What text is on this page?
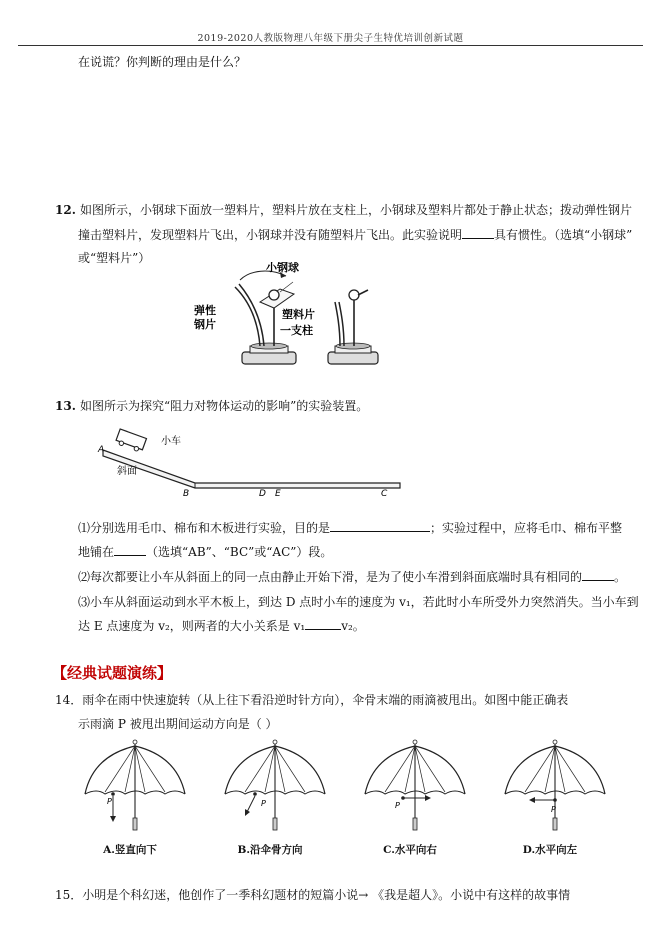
2019-2020人教版物理八年级下册尖子生特优培训创新试题
在说谎？你判断的理由是什么？
12. 如图所示，小钢球下面放一塑料片，塑料片放在支柱上，小钢球及塑料片都处于静止状态；拨动弹性钢片
撞击塑料片，发现塑料片飞出，小钢球并没有随塑料片飞出。此实验说明	具有惯性。（选填“小钢球”
或“塑料片”）
小钢球
弹性
钢片
塑料片
一支柱
13. 如图所示为探究“阻力对物体运动的影响”的实验装置。
A
小车
斜面
B	D E	C
⑴分别选用毛巾、棉布和木板进行实验，目的是	；实验过程中，应将毛巾、棉布平整
地铺在	（选填“AB”、“BC”或“AC”）段。
⑵每次都要让小车从斜面上的同一点由静止开始下滑，是为了使小车滑到斜面底端时具有相同的	。
⑶小车从斜面运动到水平木板上，到达 D 点时小车的速度为 v₁，若此时小车所受外力突然消失。当小车到
达 E 点速度为 v₂，则两者的大小关系是 v₁	v₂。
【经典试题演练】
14．雨伞在雨中快速旋转（从上往下看沿逆时针方向），伞骨末端的雨滴被甩出。如图中能正确表
示雨滴 P 被甩出期间运动方向是（ ）
P	P	P	P
A.竖直向下	B.沿伞骨方向	C.水平向右	D.水平向左
15．小明是个科幻迷，他创作了一季科幻题材的短篇小说→ 《我是超人》。小说中有这样的故事情
